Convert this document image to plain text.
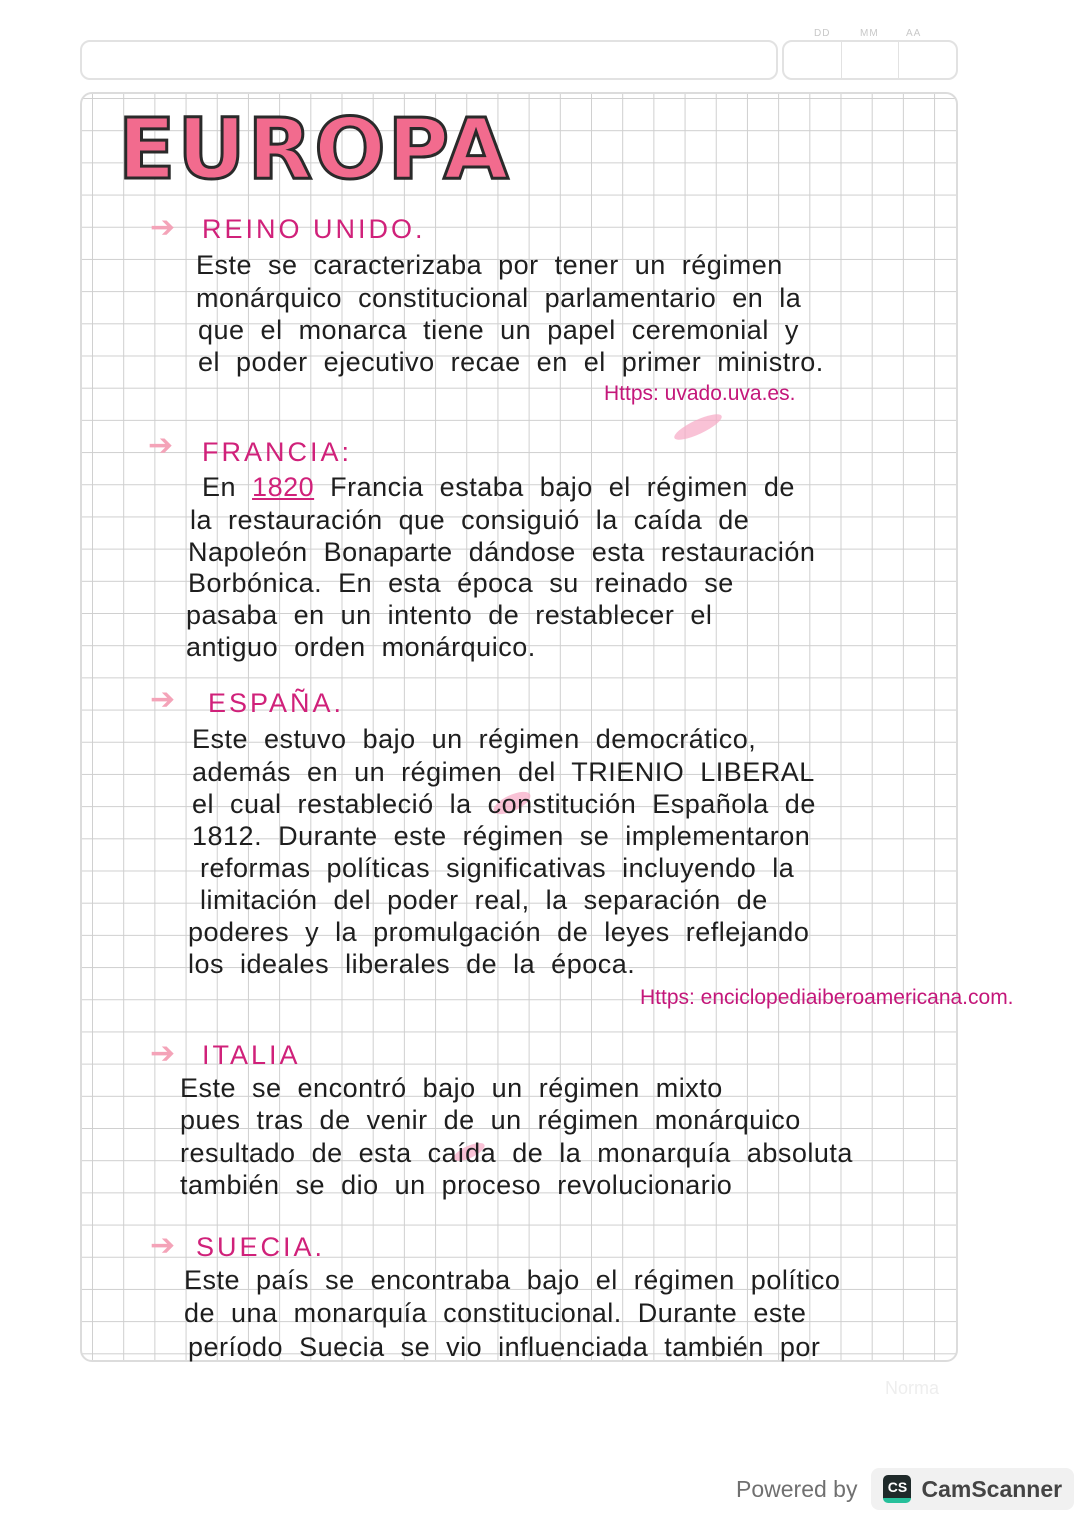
DD	MM	AA
EUROPA
➔ REINO UNIDO.
Este se caracterizaba por tener un régimen
monárquico constitucional parlamentario en la
que el monarca tiene un papel ceremonial y
el poder ejecutivo recae en el primer ministro.
Https: uvado.uva.es.
➔ FRANCIA:
En 1820 Francia estaba bajo el régimen de
la restauración que consiguió la caída de
Napoleón Bonaparte dándose esta restauración
Borbónica. En esta época su reinado se
pasaba en un intento de restablecer el
antiguo orden monárquico.
➔ ESPAÑA.
Este estuvo bajo un régimen democrático,
además en un régimen del TRIENIO LIBERAL
el cual restableció la constitución Española de
1812. Durante este régimen se implementaron
reformas políticas significativas incluyendo la
limitación del poder real, la separación de
poderes y la promulgación de leyes reflejando
los ideales liberales de la época.
Https: enciclopediaiberoamericana.com.
➔ ITALIA
Este se encontró bajo un régimen mixto
pues tras de venir de un régimen monárquico
resultado de esta caída de la monarquía absoluta
también se dio un proceso revolucionario
➔ SUECIA.
Este país se encontraba bajo el régimen político
de una monarquía constitucional. Durante este
período Suecia se vio influenciada también por
Norma
Powered by	CS CamScanner
